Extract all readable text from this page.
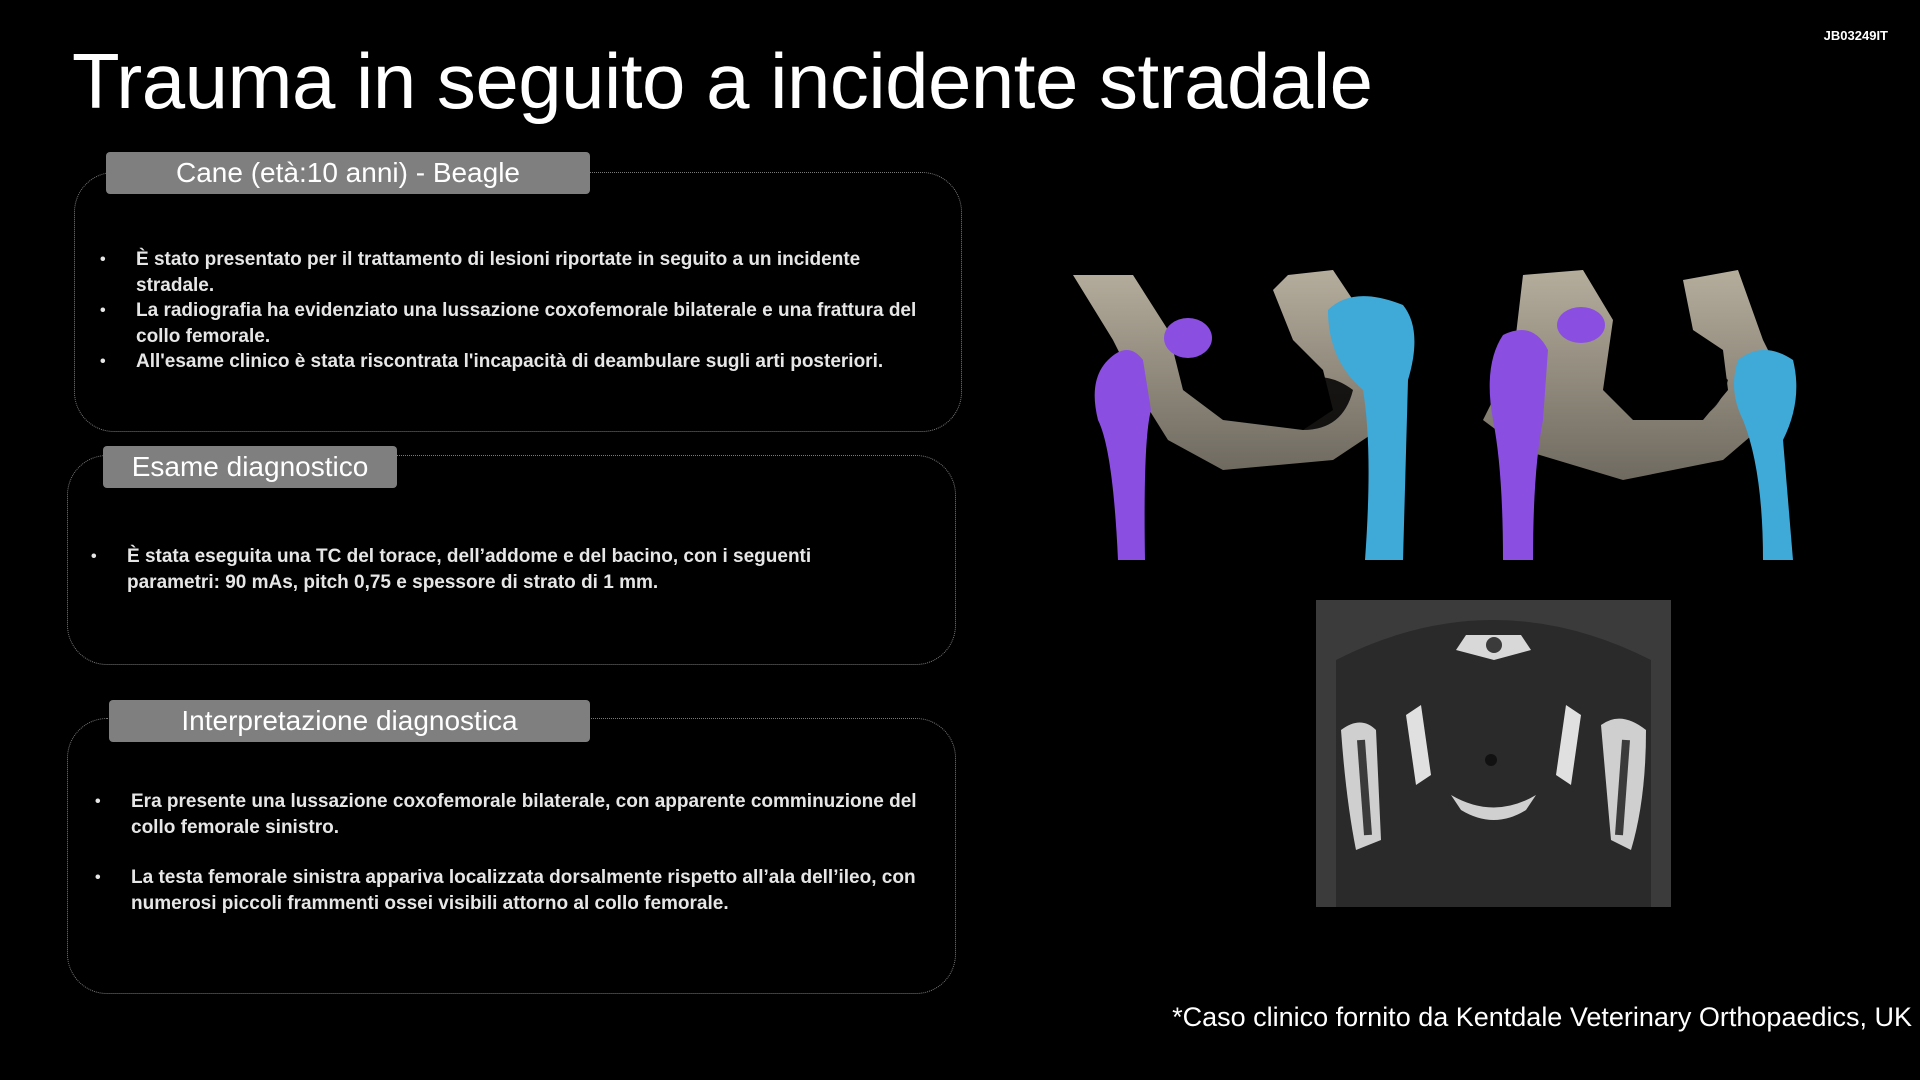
JB03249IT
Trauma in seguito a incidente stradale
Cane (età:10 anni) - Beagle
• È stato presentato per il trattamento di lesioni riportate in seguito a un incidente stradale.
• La radiografia ha evidenziato una lussazione coxofemorale bilaterale e una frattura del collo femorale.
• All'esame clinico è stata riscontrata l'incapacità di deambulare sugli arti posteriori.
Esame diagnostico
• È stata eseguita una TC del torace, dell’addome e del bacino, con i seguenti parametri: 90 mAs, pitch 0,75 e spessore di strato di 1 mm.
Interpretazione diagnostica
• Era presente una lussazione coxofemorale bilaterale, con apparente comminuzione del collo femorale sinistro.
• La testa femorale sinistra appariva localizzata dorsalmente rispetto all’ala dell’ileo, con numerosi piccoli frammenti ossei visibili attorno al collo femorale.
*Caso clinico fornito da Kentdale Veterinary Orthopaedics, UK
